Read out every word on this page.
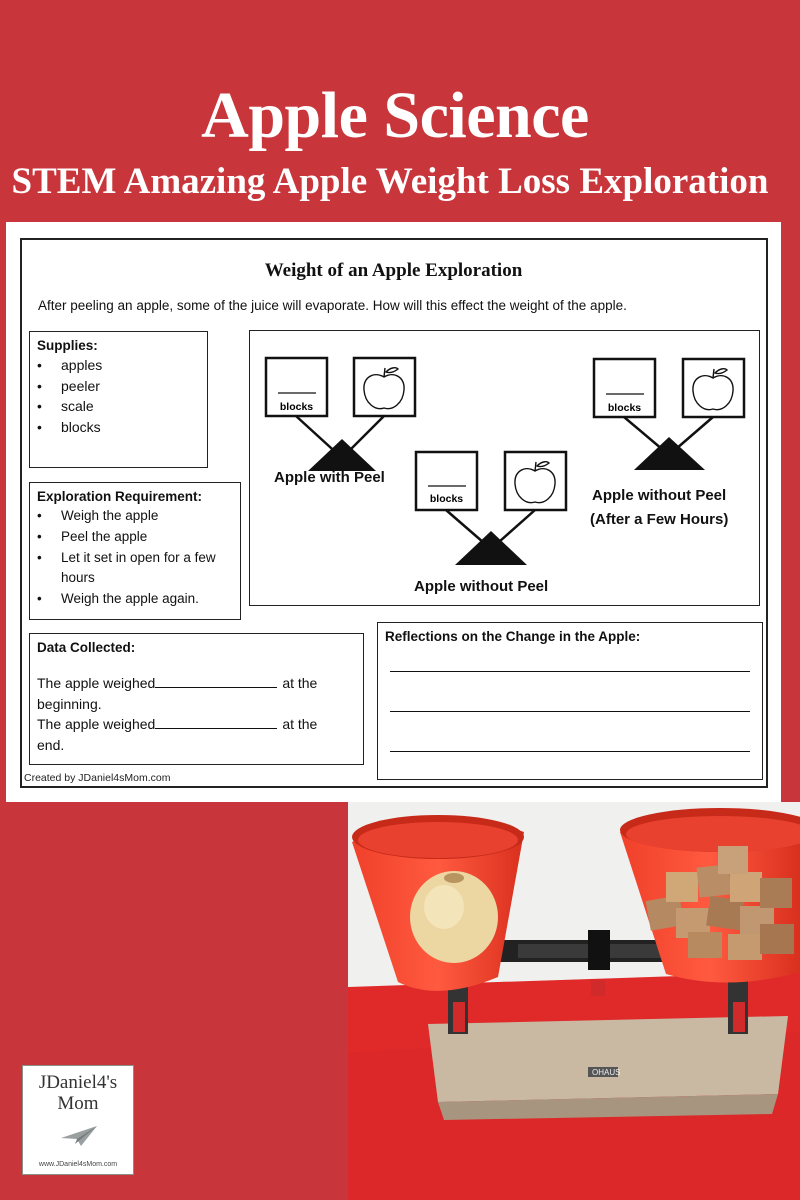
Apple Science
STEM Amazing Apple Weight Loss Exploration
Weight of an Apple Exploration
After peeling an apple, some of the juice will evaporate. How will this effect the weight of the apple.
Supplies:
• apples
• peeler
• scale
• blocks
Exploration Requirement:
• Weigh the apple
• Peel the apple
• Let it set in open for a few hours
• Weigh the apple again.
blocks
blocks
blocks
Apple with Peel
Apple without Peel
Apple without Peel
(After a Few Hours)
Data Collected:

The apple weighed	at the

beginning.

The apple weighed	at the

end.

Reflections on the Change in the Apple:
Created by JDaniel4sMom.com
OHAUS
JDaniel4's
Mom
www.JDaniel4sMom.com
